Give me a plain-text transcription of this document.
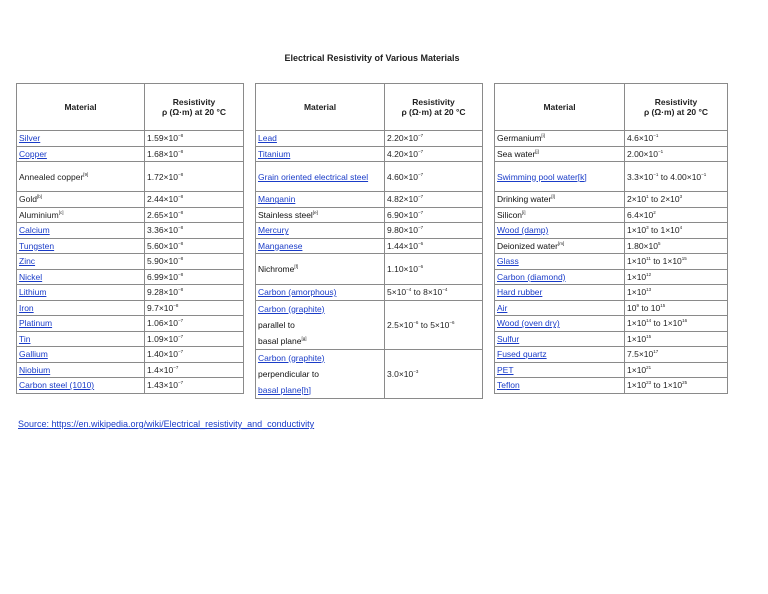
Electrical Resistivity of Various Materials
Material	Resistivity
ρ (Ω·m) at 20 °C
Silver	$1.59\times 10^{-8}$
Copper	$1.68\times 10^{-8}$
Annealed copper[9]	$1.72\times 10^{-8}$
Gold[b]	$2.44\times 10^{-8}$
Aluminium[c]	$2.65\times 10^{-8}$
Calcium	$3.36\times 10^{-8}$
Tungsten	$5.60\times 10^{-8}$
Zinc	$5.90\times 10^{-8}$
Nickel	$6.99\times 10^{-8}$
Lithium	$9.28\times 10^{-8}$
Iron	$9.7\times 10^{-8}$
Platinum	$1.06\times 10^{-7}$
Tin	$1.09\times 10^{-7}$
Gallium	$1.40\times 10^{-7}$
Niobium	$1.4\times 10^{-7}$
Carbon steel (1010)	$1.43\times 10^{-7}$
Material	Resistivity
ρ (Ω·m) at 20 °C
Lead	$2.20\times 10^{-7}$
Titanium	$4.20\times 10^{-7}$
Grain oriented electrical steel	$4.60\times 10^{-7}$
Manganin	$4.82\times 10^{-7}$
Stainless steel[e]	$6.90\times 10^{-7}$
Mercury	$9.80\times 10^{-7}$
Manganese	$1.44\times 10^{-6}$
Nichrome[f]	$1.10\times 10^{-6}$
Carbon (amorphous)	$5\times 10^{-4}$ to $8\times 10^{-4}$
Carbon (graphite)
parallel to
basal plane[g]	$2.5\times 10^{-6}$ to $5\times 10^{-6}$
Carbon (graphite)
perpendicular to
basal plane[h]	$3.0\times 10^{-3}$
Material	Resistivity
ρ (Ω·m) at 20 °C
Germanium[i]	$4.6\times 10^{-1}$
Sea water[j]	$2.00\times 10^{-1}$
Swimming pool water[k]	$3.3\times 10^{-1}$ to $4.00\times 10^{-1}$
Drinking water[l]	$2\times 10^1$ to $2\times 10^3$
Silicon[i]	$6.4\times 10^2$
Wood (damp)	$1\times 10^3$ to $1\times 10^4$
Deionized water[m]	$1.80\times 10^5$
Glass	$1\times 10^{11}$ to $1\times 10^{15}$
Carbon (diamond)	$1\times 10^{12}$
Hard rubber	$1\times 10^{13}$
Air	$10^9$ to $10^{15}$
Wood (oven dry)	$1\times 10^{14}$ to $1\times 10^{16}$
Sulfur	$1\times 10^{15}$
Fused quartz	$7.5\times 10^{17}$
PET	$1\times 10^{21}$
Teflon	$1\times 10^{23}$ to $1\times 10^{25}$
Source: https://en.wikipedia.org/wiki/Electrical_resistivity_and_conductivity
